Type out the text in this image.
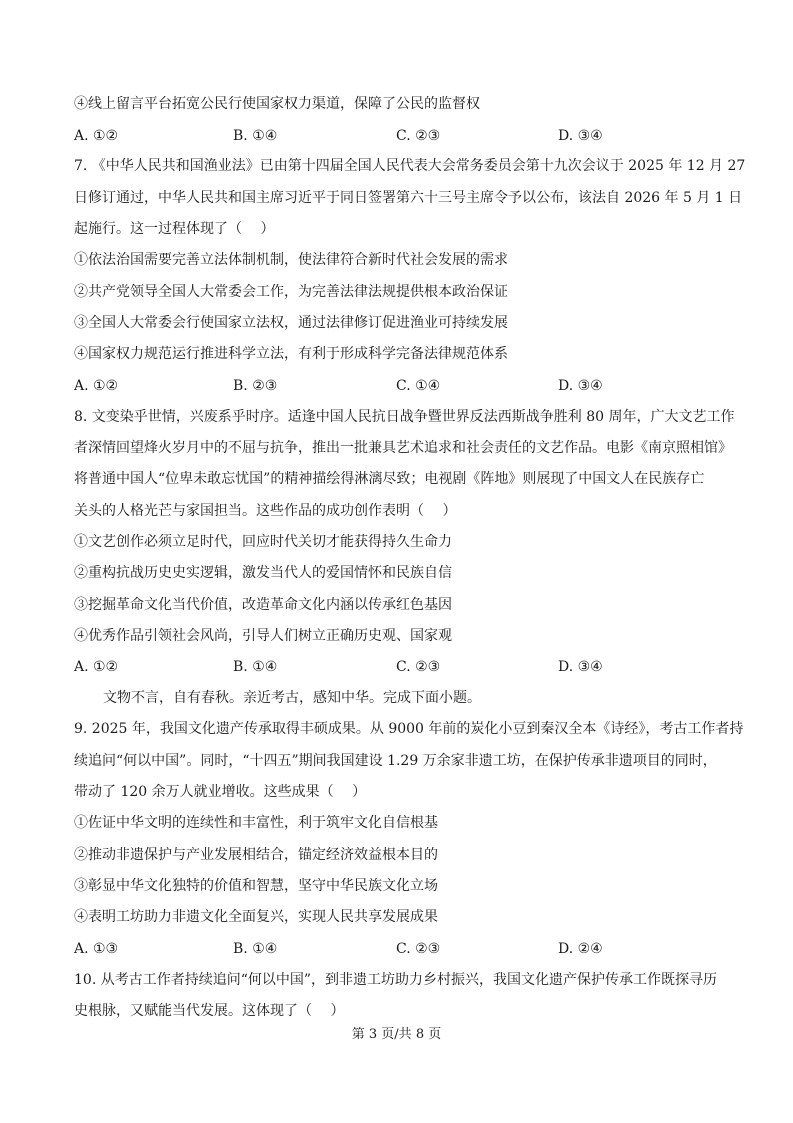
④线上留言平台拓宽公民行使国家权力渠道，保障了公民的监督权
A. ①②	B. ①④	C. ②③	D. ③④
7. 《中华人民共和国渔业法》已由第十四届全国人民代表大会常务委员会第十九次会议于 2025 年 12 月 27
日修订通过，中华人民共和国主席习近平于同日签署第六十三号主席令予以公布，该法自 2026 年 5 月 1 日
起施行。这一过程体现了（　 ）
①依法治国需要完善立法体制机制，使法律符合新时代社会发展的需求
②共产党领导全国人大常委会工作，为完善法律法规提供根本政治保证
③全国人大常委会行使国家立法权，通过法律修订促进渔业可持续发展
④国家权力规范运行推进科学立法，有利于形成科学完备法律规范体系
A. ①②	B. ②③	C. ①④	D. ③④
8. 文变染乎世情，兴废系乎时序。适逢中国人民抗日战争暨世界反法西斯战争胜利 80 周年，广大文艺工作
者深情回望烽火岁月中的不屈与抗争，推出一批兼具艺术追求和社会责任的文艺作品。电影《南京照相馆》
将普通中国人“位卑未敢忘忧国”的精神描绘得淋漓尽致；电视剧《阵地》则展现了中国文人在民族存亡
关头的人格光芒与家国担当。这些作品的成功创作表明（　 ）
①文艺创作必须立足时代，回应时代关切才能获得持久生命力
②重构抗战历史史实逻辑，激发当代人的爱国情怀和民族自信
③挖掘革命文化当代价值，改造革命文化内涵以传承红色基因
④优秀作品引领社会风尚，引导人们树立正确历史观、国家观
A. ①②	B. ①④	C. ②③	D. ③④
文物不言，自有春秋。亲近考古，感知中华。完成下面小题。
9. 2025 年，我国文化遗产传承取得丰硕成果。从 9000 年前的炭化小豆到秦汉全本《诗经》，考古工作者持
续追问“何以中国”。同时，“十四五”期间我国建设 1.29 万余家非遗工坊，在保护传承非遗项目的同时，
带动了 120 余万人就业增收。这些成果（　 ）
①佐证中华文明的连续性和丰富性，利于筑牢文化自信根基
②推动非遗保护与产业发展相结合，锚定经济效益根本目的
③彰显中华文化独特的价值和智慧，坚守中华民族文化立场
④表明工坊助力非遗文化全面复兴，实现人民共享发展成果
A. ①③	B. ①④	C. ②③	D. ②④
10. 从考古工作者持续追问“何以中国”，到非遗工坊助力乡村振兴，我国文化遗产保护传承工作既探寻历
史根脉，又赋能当代发展。这体现了（　 ）
第 3 页/共 8 页
